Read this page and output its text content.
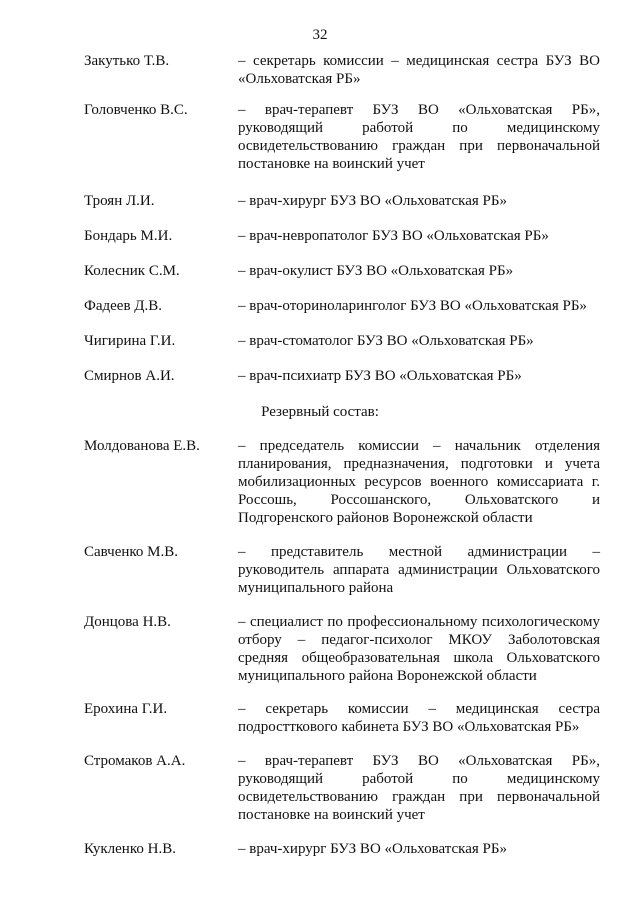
32
Закутько Т.В.	– секретарь комиссии – медицинская сестра БУЗ ВО
«Ольховатская РБ»
Головченко В.С.	– врач-терапевт БУЗ ВО «Ольховатская РБ»,
руководящий работой по медицинскому
освидетельствованию граждан при первоначальной
постановке на воинский учет
Троян Л.И.	– врач-хирург БУЗ ВО «Ольховатская РБ»
Бондарь М.И.	– врач-невропатолог БУЗ ВО «Ольховатская РБ»
Колесник С.М.	– врач-окулист БУЗ ВО «Ольховатская РБ»
Фадеев Д.В.	– врач-оториноларинголог БУЗ ВО «Ольховатская РБ»
Чигирина Г.И.	– врач-стоматолог БУЗ ВО «Ольховатская РБ»
Смирнов А.И.	– врач-психиатр БУЗ ВО «Ольховатская РБ»
Резервный состав:
Молдованова Е.В.	– председатель комиссии – начальник отделения
планирования, предназначения, подготовки и учета
мобилизационных ресурсов военного комиссариата г.
Россошь, Россошанского, Ольховатского и
Подгоренского районов Воронежской области
Савченко М.В.	– представитель местной администрации –
руководитель аппарата администрации Ольховатского
муниципального района
Донцова Н.В.	– специалист по профессиональному психологическому
отбору – педагог-психолог МКОУ Заболотовская
средняя общеобразовательная школа Ольховатского
муниципального района Воронежской области
Ерохина Г.И.	– секретарь комиссии – медицинская сестра
подростткового кабинета БУЗ ВО «Ольховатская РБ»
Стромаков А.А.	– врач-терапевт БУЗ ВО «Ольховатская РБ»,
руководящий работой по медицинскому
освидетельствованию граждан при первоначальной
постановке на воинский учет
Кукленко Н.В.	– врач-хирург БУЗ ВО «Ольховатская РБ»
